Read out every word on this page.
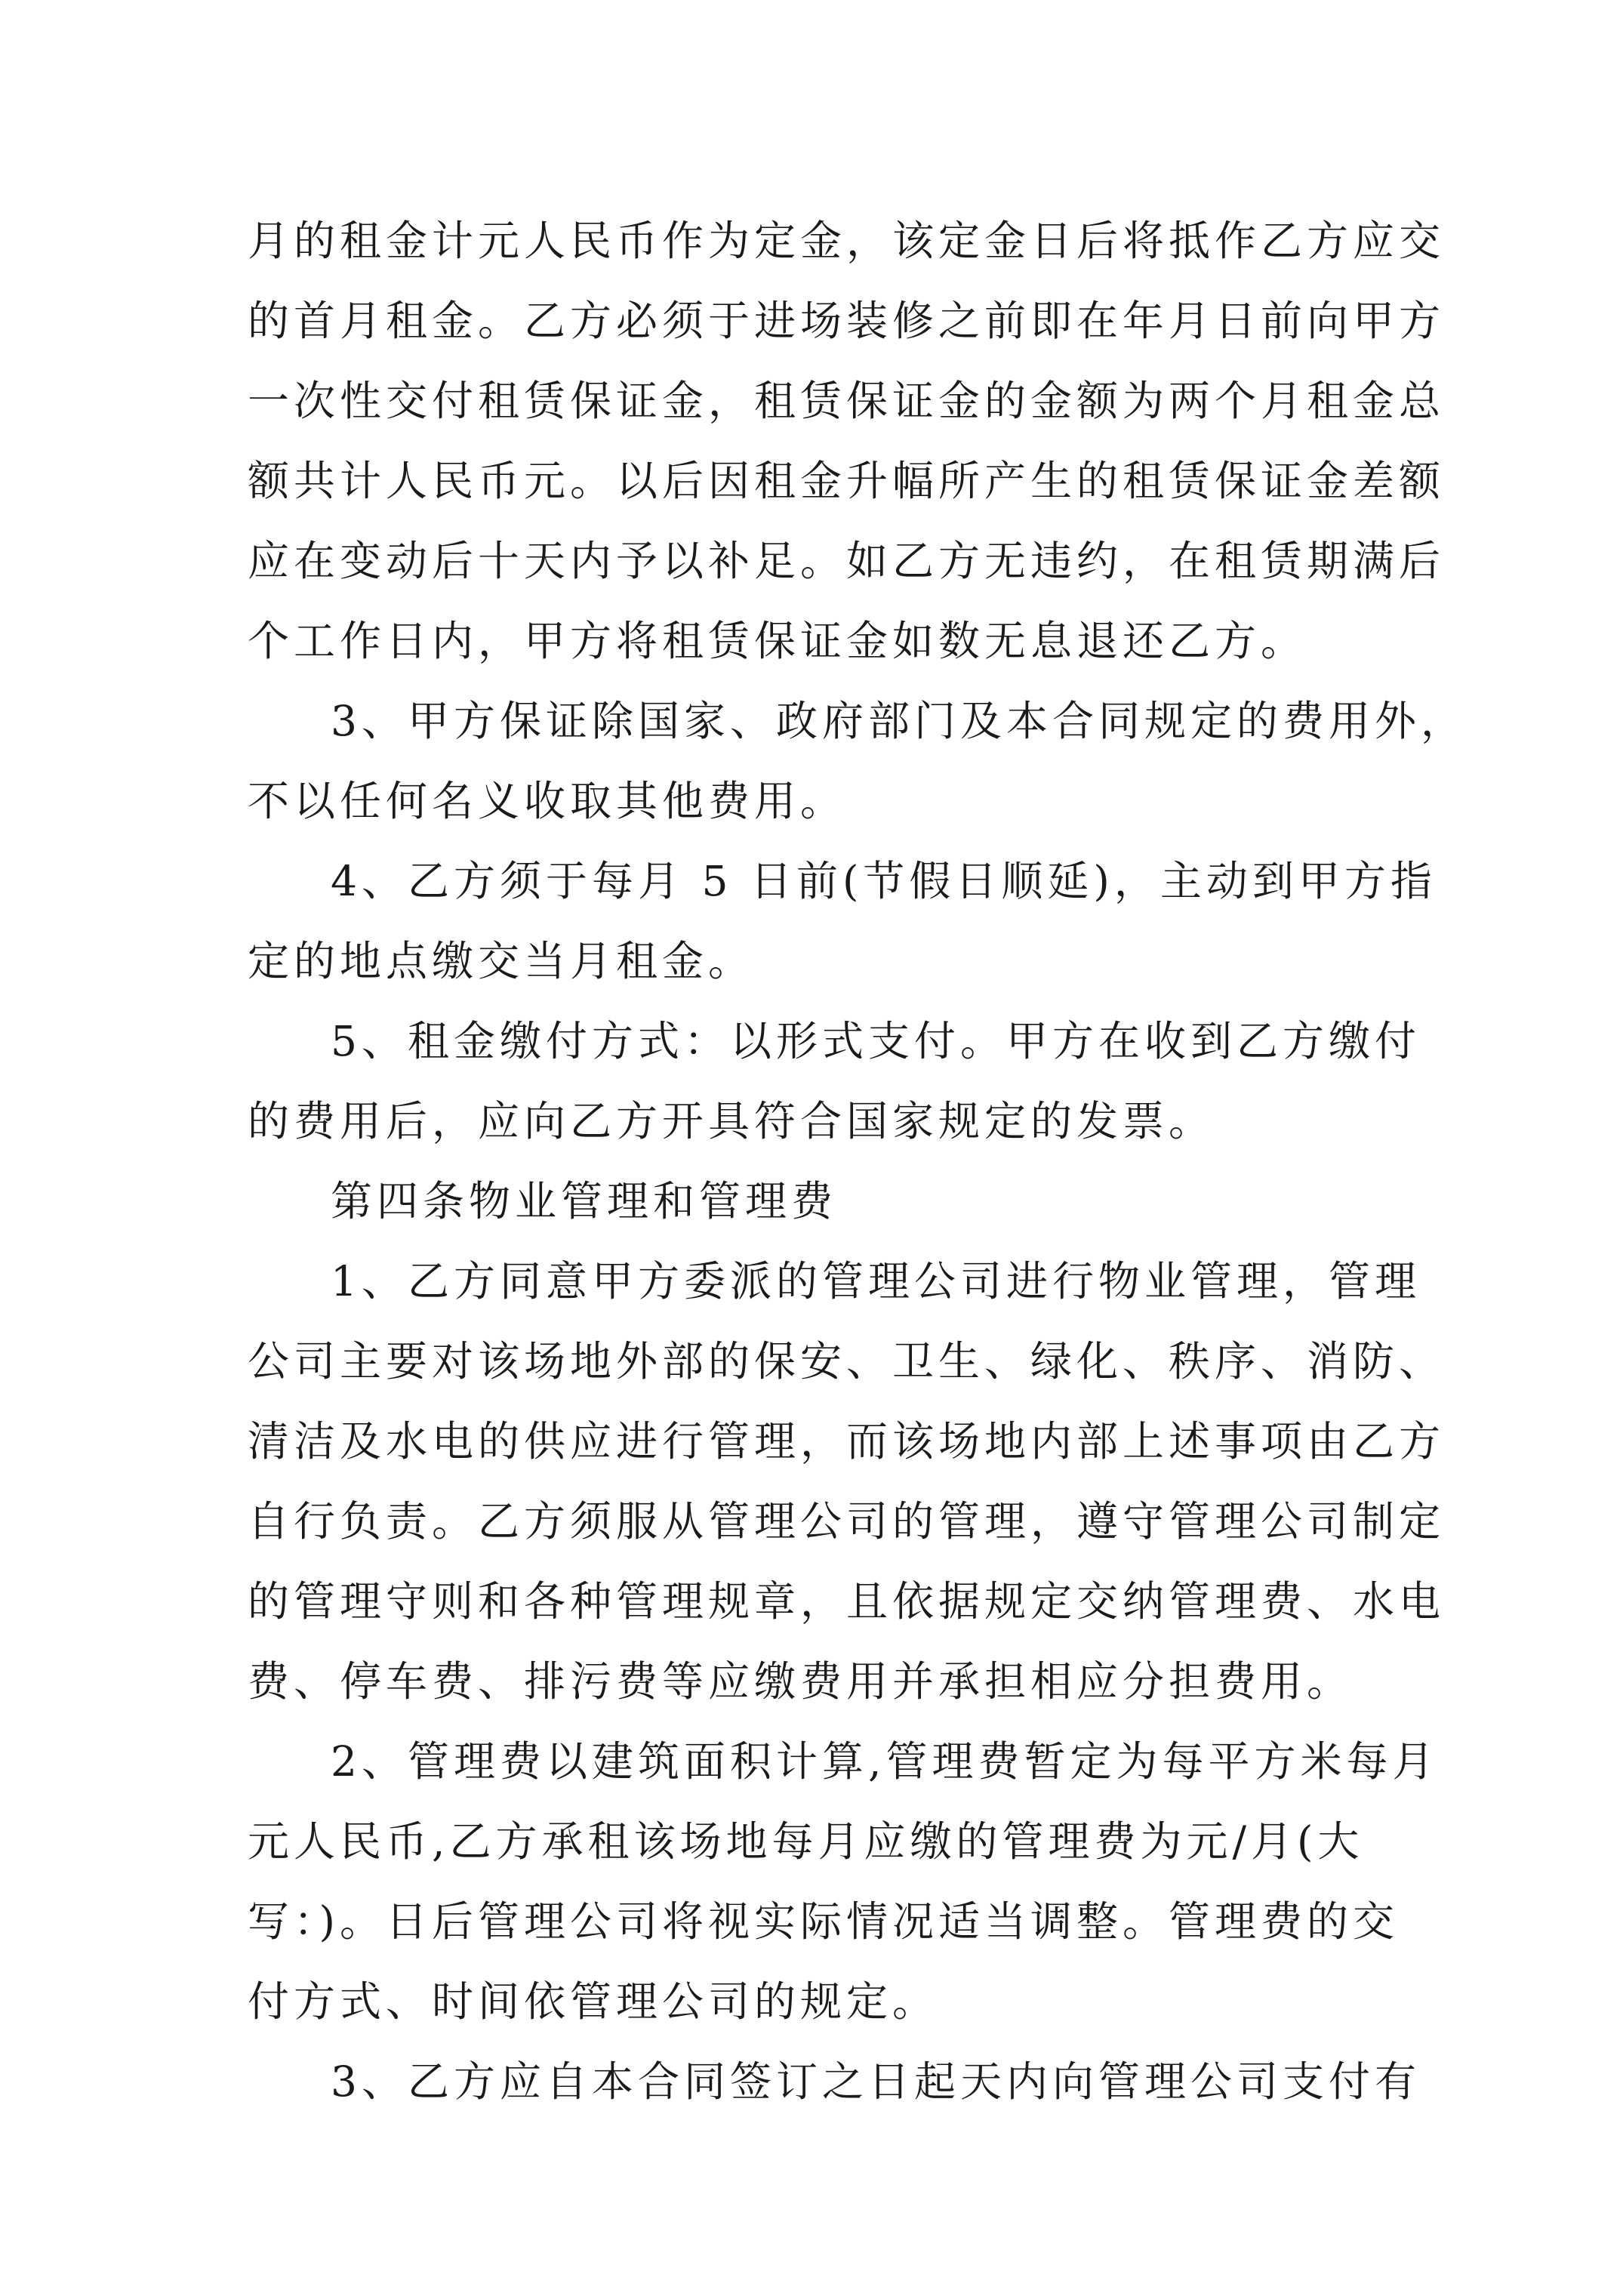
月的租金计元人民币作为定金，该定金日后将抵作乙方应交
的首月租金。乙方必须于进场装修之前即在年月日前向甲方
一次性交付租赁保证金，租赁保证金的金额为两个月租金总
额共计人民币元。以后因租金升幅所产生的租赁保证金差额
应在变动后十天内予以补足。如乙方无违约，在租赁期满后
个工作日内，甲方将租赁保证金如数无息退还乙方。
3、甲方保证除国家、政府部门及本合同规定的费用外，
不以任何名义收取其他费用。
4、乙方须于每月 5 日前(节假日顺延)，主动到甲方指
定的地点缴交当月租金。
5、租金缴付方式：以形式支付。甲方在收到乙方缴付
的费用后，应向乙方开具符合国家规定的发票。
第四条物业管理和管理费
1、乙方同意甲方委派的管理公司进行物业管理，管理
公司主要对该场地外部的保安、卫生、绿化、秩序、消防、
清洁及水电的供应进行管理，而该场地内部上述事项由乙方
自行负责。乙方须服从管理公司的管理，遵守管理公司制定
的管理守则和各种管理规章，且依据规定交纳管理费、水电
费、停车费、排污费等应缴费用并承担相应分担费用。
2、管理费以建筑面积计算,管理费暂定为每平方米每月
元人民币,乙方承租该场地每月应缴的管理费为元/月(大
写：)。日后管理公司将视实际情况适当调整。管理费的交
付方式、时间依管理公司的规定。
3、乙方应自本合同签订之日起天内向管理公司支付有
